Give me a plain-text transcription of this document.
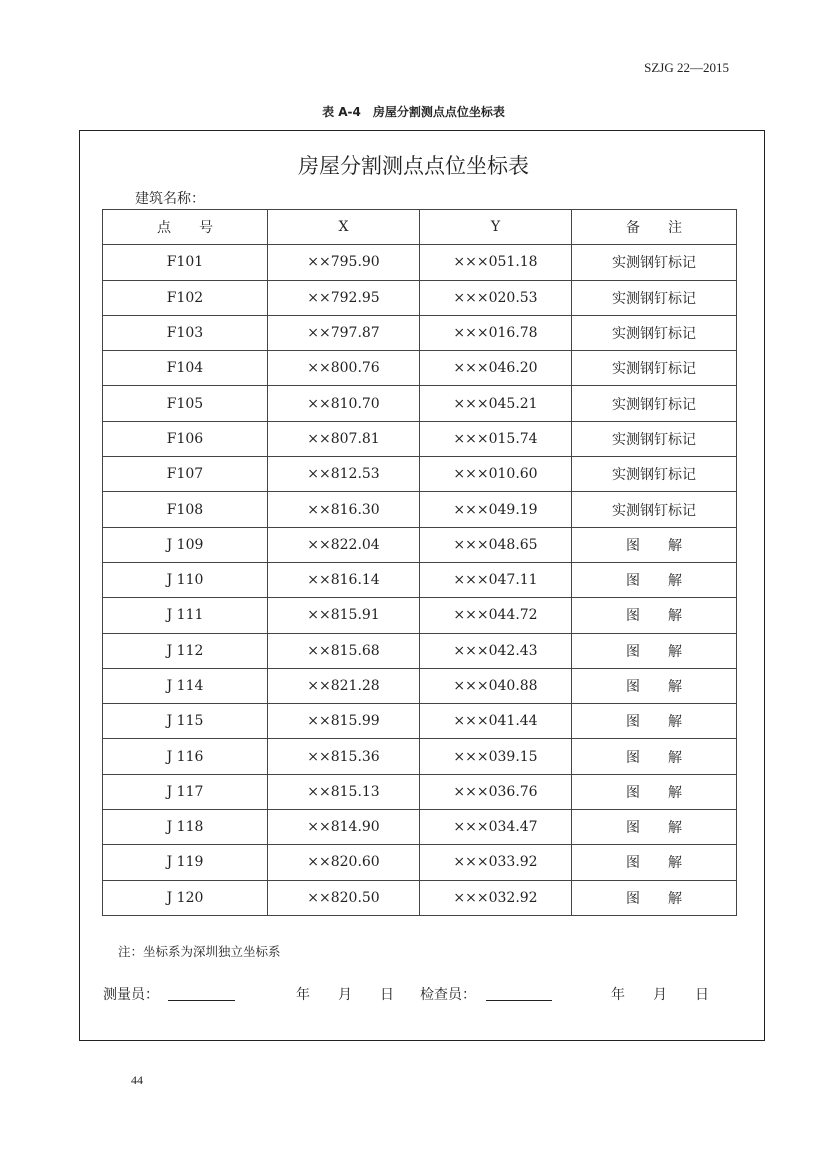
SZJG 22—2015
表 A-4　房屋分割测点点位坐标表
房屋分割测点点位坐标表
建筑名称：
点　　号	X	Y	备　　注
F101	××795.90	×××051.18	实测钢钉标记
F102	××792.95	×××020.53	实测钢钉标记
F103	××797.87	×××016.78	实测钢钉标记
F104	××800.76	×××046.20	实测钢钉标记
F105	××810.70	×××045.21	实测钢钉标记
F106	××807.81	×××015.74	实测钢钉标记
F107	××812.53	×××010.60	实测钢钉标记
F108	××816.30	×××049.19	实测钢钉标记
J 109	××822.04	×××048.65	图　　解
J 110	××816.14	×××047.11	图　　解
J 111	××815.91	×××044.72	图　　解
J 112	××815.68	×××042.43	图　　解
J 114	××821.28	×××040.88	图　　解
J 115	××815.99	×××041.44	图　　解
J 116	××815.36	×××039.15	图　　解
J 117	××815.13	×××036.76	图　　解
J 118	××814.90	×××034.47	图　　解
J 119	××820.60	×××033.92	图　　解
J 120	××820.50	×××032.92	图　　解
注：坐标系为深圳独立坐标系
测量员：	年　　月　　日 检查员：	年　　月　　日
44
